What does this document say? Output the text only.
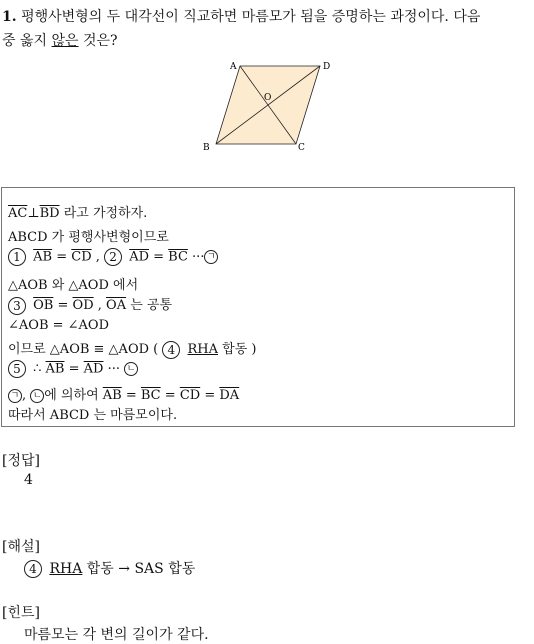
1. 평행사변형의 두 대각선이 직교하면 마름모가 됨을 증명하는 과정이다. 다음
중 옳지 않은 것은?
A	D
B	C
O
$\overline{AC}\perp\overline{BD}$ 라고 가정하자.
ABCD 가 평행사변형이므로
1 $\overline{AB} = \overline{CD}$ , 2 $\overline{AD} = \overline{BC}$ ··· ㄱ
△AOB 와 △AOD 에서
3 $\overline{OB} = \overline{OD}$ , $\overline{OA}$ 는 공통
∠AOB = ∠AOD
이므로 △AOB ≡ △AOD ( 4 RHA 합동 )
5 ∴ $\overline{AB} = \overline{AD}$ ··· ㄴ
ㄱ , ㄴ 에 의하여 $\overline{AB} = \overline{BC} = \overline{CD} = \overline{DA}$
따라서 ABCD 는 마름모이다.
[정답]
4
[해설]
4 RHA 합동 → SAS 합동
[힌트]
마름모는 각 변의 길이가 같다.
